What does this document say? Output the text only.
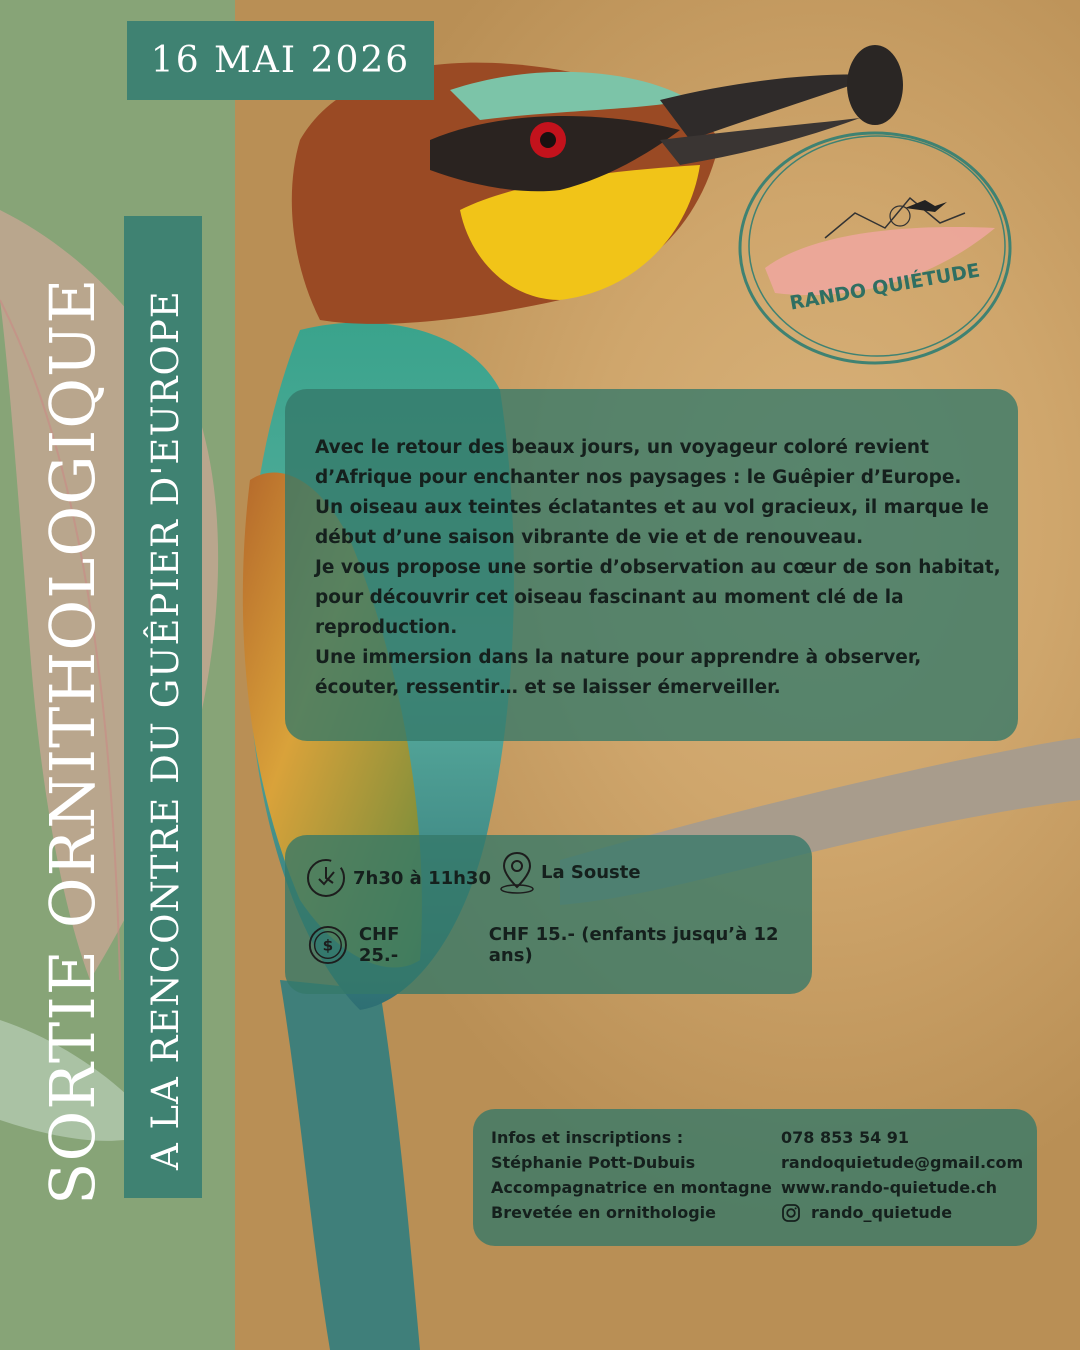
RANDO QUIÉTUDE
A LA RENCONTRE DU GUÊPIER D'EUROPE
SORTIE ORNITHOLOGIQUE
16 MAI 2026

Avec le retour des beaux jours, un voyageur coloré revient d’Afrique pour enchanter nos paysages : le Guêpier d’Europe.

Un oiseau aux teintes éclatantes et au vol gracieux, il marque le début d’une saison vibrante de vie et de renouveau.

Je vous propose une sortie d’observation au cœur de son habitat, pour découvrir cet oiseau fascinant au moment clé de la reproduction.

Une immersion dans la nature pour apprendre à observer, écouter, ressentir… et se laisser émerveiller.

7h30 à 11h30	La Souste
$
CHF 25.-
CHF 15.- (enfants jusqu’à 12 ans)
Infos et inscriptions :
Stéphanie Pott-Dubuis
Accompagnatrice en montagne
Brevetée en ornithologie
078 853 54 91
randoquietude@gmail.com
www.rando-quietude.ch
rando_quietude
